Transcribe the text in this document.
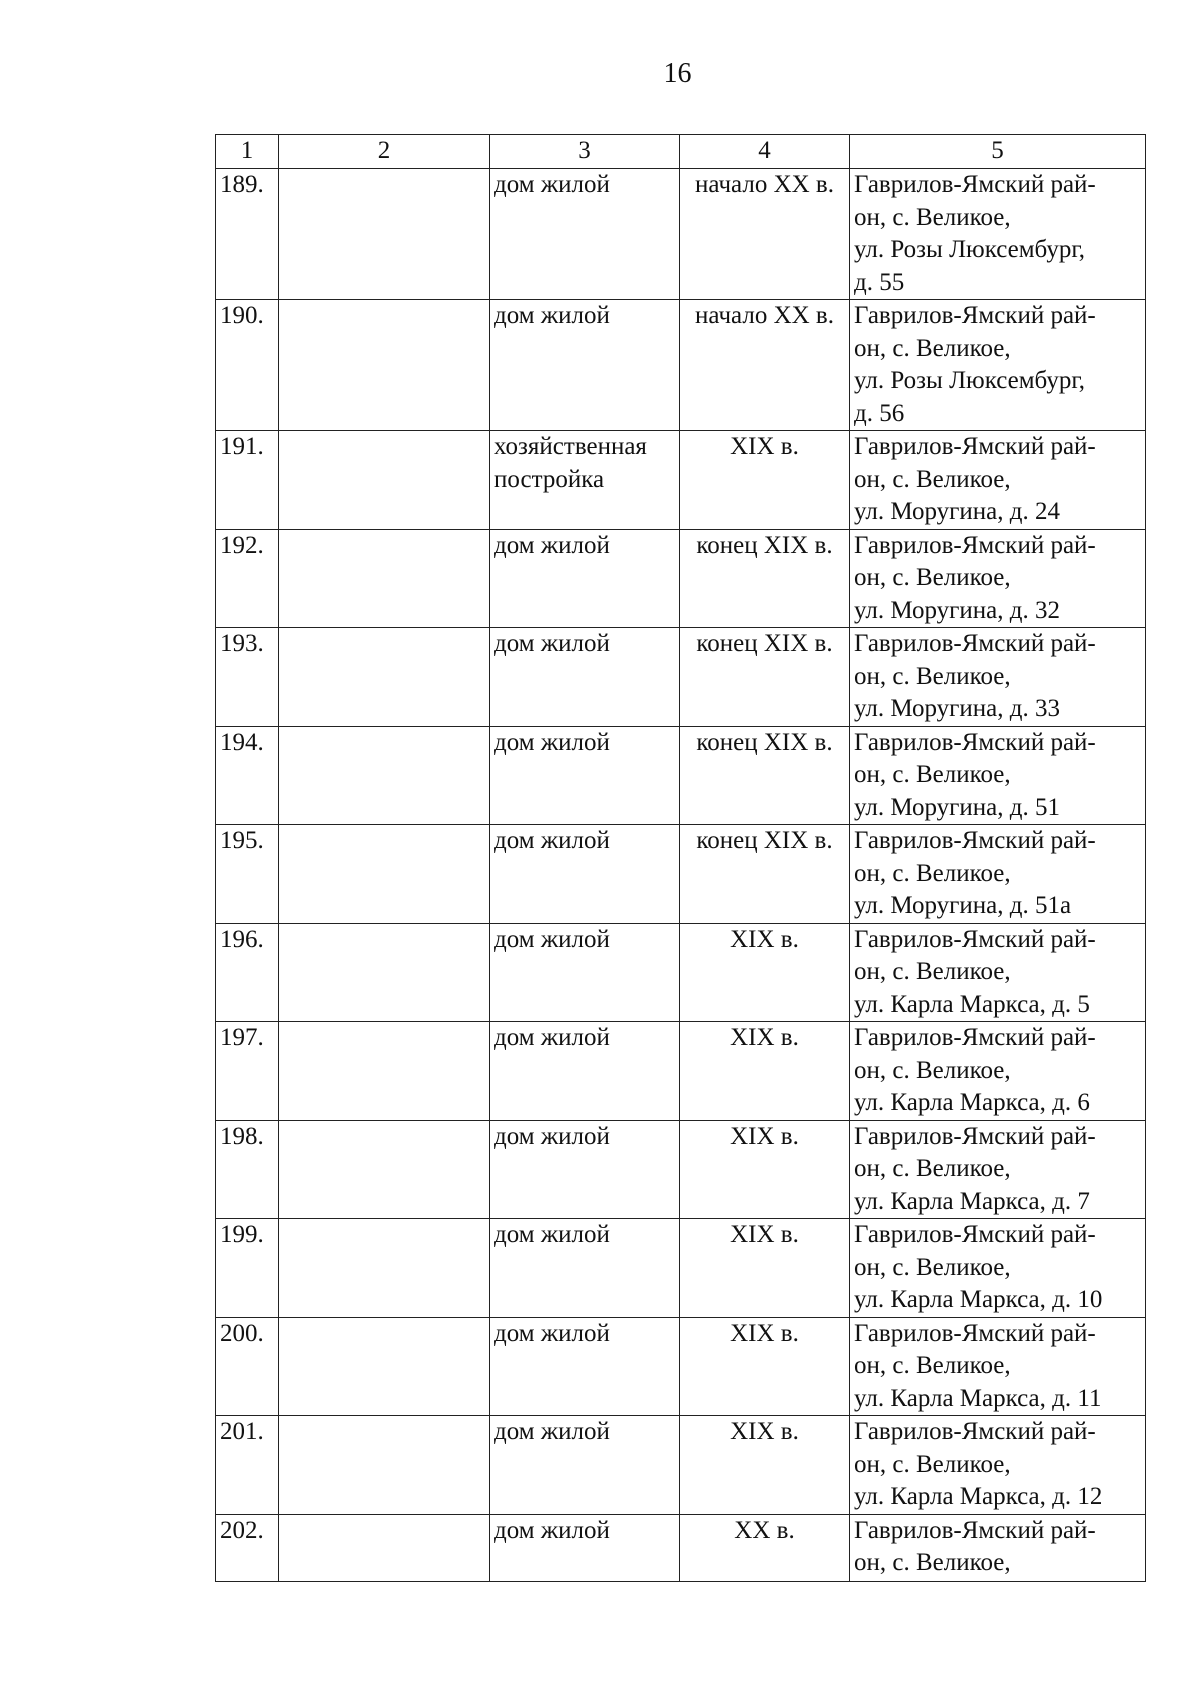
16
1	2	3	4	5
189.		дом жилой	начало XX в.	Гаврилов-Ямский рай-
он, с. Великое,
ул. Розы Люксембург,
д. 55

190.		дом жилой	начало XX в.	Гаврилов-Ямский рай-
он, с. Великое,
ул. Розы Люксембург,
д. 56

191.		хозяйственная постройка	XIX в.	Гаврилов-Ямский рай-
он, с. Великое,
ул. Моругина, д. 24

192.		дом жилой	конец XIX в.	Гаврилов-Ямский рай-
он, с. Великое,
ул. Моругина, д. 32

193.		дом жилой	конец XIX в.	Гаврилов-Ямский рай-
он, с. Великое,
ул. Моругина, д. 33

194.		дом жилой	конец XIX в.	Гаврилов-Ямский рай-
он, с. Великое,
ул. Моругина, д. 51

195.		дом жилой	конец XIX в.	Гаврилов-Ямский рай-
он, с. Великое,
ул. Моругина, д. 51а

196.		дом жилой	XIX в.	Гаврилов-Ямский рай-
он, с. Великое,
ул. Карла Маркса, д. 5

197.		дом жилой	XIX в.	Гаврилов-Ямский рай-
он, с. Великое,
ул. Карла Маркса, д. 6

198.		дом жилой	XIX в.	Гаврилов-Ямский рай-
он, с. Великое,
ул. Карла Маркса, д. 7

199.		дом жилой	XIX в.	Гаврилов-Ямский рай-
он, с. Великое,
ул. Карла Маркса, д. 10

200.		дом жилой	XIX в.	Гаврилов-Ямский рай-
он, с. Великое,
ул. Карла Маркса, д. 11

201.		дом жилой	XIX в.	Гаврилов-Ямский рай-
он, с. Великое,
ул. Карла Маркса, д. 12

202.		дом жилой	XX в.	Гаврилов-Ямский рай-
он, с. Великое,
